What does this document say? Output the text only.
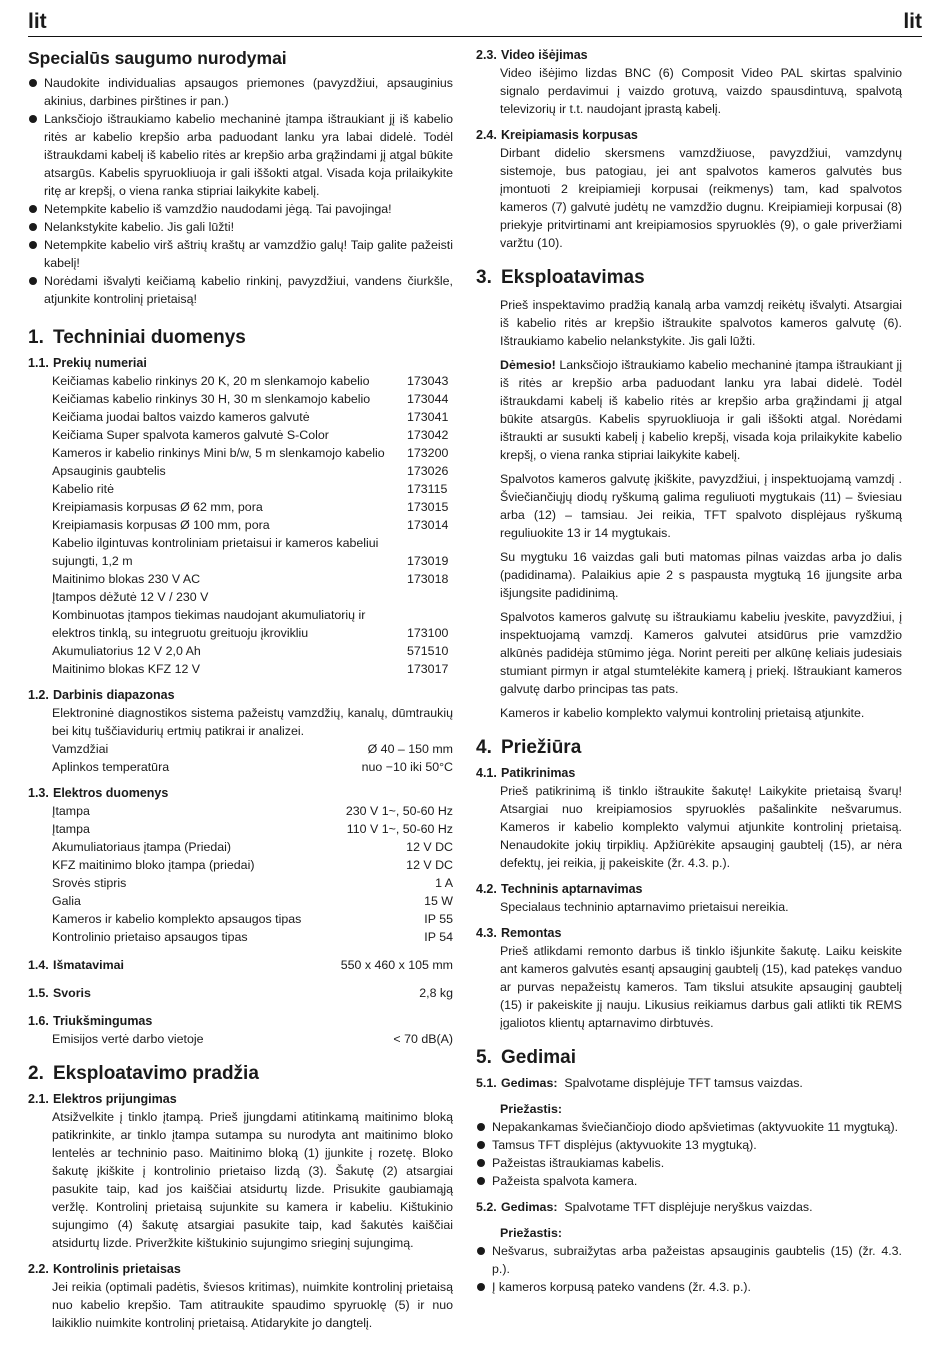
lit	lit
Specialūs saugumo nurodymai
Naudokite individualias apsaugos priemones (pavyzdžiui, apsauginius akinius, darbines pirštines ir pan.)
Lanksčiojo ištraukiamo kabelio mechaninė įtampa ištraukiant jį iš kabelio ritės ar kabelio krepšio arba paduodant lanku yra labai didelė. Todėl ištraukdami kabelį iš kabelio ritės ar krepšio arba grąžindami jį atgal būkite atsargūs. Kabelis spyruokliuoja ir gali iššokti atgal. Visada koja prilaikykite ritę ar krepšį, o viena ranka stipriai laikykite kabelį.
Netempkite kabelio iš vamzdžio naudodami jėgą. Tai pavojinga!
Nelankstykite kabelio. Jis gali lūžti!
Netempkite kabelio virš aštrių kraštų ar vamzdžio galų! Taip galite pažeisti kabelį!
Norėdami išvalyti keičiamą kabelio rinkinį, pavyzdžiui, vandens čiurkšle, atjunkite kontrolinį prietaisą!
1. Techniniai duomenys
1.1. Prekių numeriai
Keičiamas kabelio rinkinys 20 K, 20 m slenkamojo kabelio	173043
Keičiamas kabelio rinkinys 30 H, 30 m slenkamojo kabelio	173044
Keičiama juodai baltos vaizdo kameros galvutė	173041
Keičiama Super spalvota kameros galvutė S-Color	173042
Kameros ir kabelio rinkinys Mini b/w, 5 m slenkamojo kabelio	173200
Apsauginis gaubtelis	173026
Kabelio ritė	173115
Kreipiamasis korpusas Ø 62 mm, pora	173015
Kreipiamasis korpusas Ø 100 mm, pora	173014
Kabelio ilgintuvas kontroliniam prietaisui ir kameros kabeliui	
sujungti, 1,2 m	173019
Maitinimo blokas 230 V AC	173018
Įtampos dėžutė 12 V / 230 V	
Kombinuotas įtampos tiekimas naudojant akumuliatorių ir	
elektros tinklą, su integruotu greituoju įkrovikliu	173100
Akumuliatorius 12 V 2,0 Ah	571510
Maitinimo blokas KFZ 12 V	173017
1.2. Darbinis diapazonas

Elektroninė diagnostikos sistema pažeistų vamzdžių, kanalų, dūmtraukių bei kitų tuščiavidurių ertmių patikrai ir analizei.

Vamzdžiai	Ø 40 – 150 mm
Aplinkos temperatūra	nuo −10 iki 50°C
1.3. Elektros duomenys
Įtampa	230 V 1~, 50-60 Hz
Įtampa	110 V 1~, 50-60 Hz
Akumuliatoriaus įtampa (Priedai)	12 V DC
KFZ maitinimo bloko įtampa (priedai)	12 V DC
Srovės stipris	1 A
Galia	15 W
Kameros ir kabelio komplekto apsaugos tipas	IP 55
Kontrolinio prietaiso apsaugos tipas	IP 54
1.4. Išmatavimai	550 x 460 x 105 mm
1.5. Svoris	2,8 kg
1.6. Triukšmingumas
Emisijos vertė darbo vietoje	< 70 dB(A)
2. Eksploatavimo pradžia
2.1. Elektros prijungimas

Atsižvelkite į tinklo įtampą. Prieš įjungdami atitinkamą maitinimo bloką patikrinkite, ar tinklo įtampa sutampa su nurodyta ant maitinimo bloko lentelės ar techninio paso. Maitinimo bloką (1) įjunkite į rozetę. Bloko šakutę įkiškite į kontrolinio prietaiso lizdą (3). Šakutę (2) atsargiai pasukite taip, kad jos kaiščiai atsidurtų lizde. Prisukite gaubiamąją veržlę. Kontrolinį prietaisą sujunkite su kamera ir kabeliu. Kištukinio sujungimo (4) šakutę atsargiai pasukite taip, kad šakutės kaiščiai atsidurtų lizde. Priveržkite kištukinio sujungimo srieginį sujungimą.

2.2. Kontrolinis prietaisas

Jei reikia (optimali padėtis, šviesos kritimas), nuimkite kontrolinį prietaisą nuo kabelio krepšio. Tam atitraukite spaudimo spyruoklę (5) ir nuo laikiklio nuimkite kontrolinį prietaisą. Atidarykite jo dangtelį.

2.3. Video išėjimas

Video išėjimo lizdas BNC (6) Composit Video PAL skirtas spalvinio signalo perdavimui į vaizdo grotuvą, vaizdo spausdintuvą, spalvotą televizorių ir t.t. naudojant įprastą kabelį.

2.4. Kreipiamasis korpusas

Dirbant didelio skersmens vamzdžiuose, pavyzdžiui, vamzdynų sistemoje, bus patogiau, jei ant spalvotos kameros galvutės bus įmontuoti 2 kreipiamieji korpusai (reikmenys) tam, kad spalvotos kameros (7) galvutė judėtų ne vamzdžio dugnu. Kreipiamieji korpusai (8) priekyje pritvirtinami ant kreipiamosios spyruoklės (9), o gale priveržiami varžtu (10).

3. Eksploatavimas

Prieš inspektavimo pradžią kanalą arba vamzdį reikėtų išvalyti. Atsargiai iš kabelio ritės ar krepšio ištraukite spalvotos kameros galvutę (6). Ištraukiamo kabelio nelankstykite. Jis gali lūžti.

Dėmesio! Lanksčiojo ištraukiamo kabelio mechaninė įtampa ištraukiant jį iš ritės ar krepšio arba paduodant lanku yra labai didelė. Todėl ištraukdami kabelį iš kabelio ritės ar krepšio arba grąžindami jį atgal būkite atsargūs. Kabelis spyruokliuoja ir gali iššokti atgal. Norėdami ištraukti ar susukti kabelį į kabelio krepšį, visada koja prilaikykite kabelio krepšį, o viena ranka stipriai laikykite kabelį.

Spalvotos kameros galvutę įkiškite, pavyzdžiui, į inspektuojamą vamzdį . Šviečiančiųjų diodų ryškumą galima reguliuoti mygtukais (11) – šviesiau arba (12) – tamsiau. Jei reikia, TFT spalvoto displėjaus ryškumą reguliuokite 13 ir 14 mygtukais.

Su mygtuku 16 vaizdas gali buti matomas pilnas vaizdas arba jo dalis (padidinama). Palaikius apie 2 s paspausta mygtuką 16 įjungsite arba išjungsite padidinimą.

Spalvotos kameros galvutę su ištraukiamu kabeliu įveskite, pavyzdžiui, į inspektuojamą vamzdį. Kameros galvutei atsidūrus prie vamzdžio alkūnės padidėja stūmimo jėga. Norint pereiti per alkūnę keliais judesiais stumiant pirmyn ir atgal stumtelėkite kamerą į priekį. Ištraukiant kameros galvutę darbo principas tas pats.

Kameros ir kabelio komplekto valymui kontrolinį prietaisą atjunkite.

4. Priežiūra
4.1. Patikrinimas

Prieš patikrinimą iš tinklo ištraukite šakutę! Laikykite prietaisą švarų! Atsargiai nuo kreipiamosios spyruoklės pašalinkite nešvarumus. Kameros ir kabelio komplekto valymui atjunkite kontrolinį prietaisą. Nenaudokite jokių tirpiklių. Apžiūrėkite apsauginį gaubtelį (15), ar nėra defektų, jei reikia, jį pakeiskite (žr. 4.3. p.).

4.2. Techninis aptarnavimas

Specialaus techninio aptarnavimo prietaisui nereikia.

4.3. Remontas

Prieš atlikdami remonto darbus iš tinklo išjunkite šakutę. Laiku keiskite ant kameros galvutės esantį apsauginį gaubtelį (15), kad patekęs vanduo ar purvas nepažeistų kameros. Tam tikslui atsukite apsauginį gaubtelį (15) ir pakeiskite jį nauju. Likusius reikiamus darbus gali atlikti tik REMS įgaliotos klientų aptarnavimo dirbtuvės.

5. Gedimai

5.1. Gedimas: Spalvotame displėjuje TFT tamsus vaizdas.

Priežastis:

Nepakankamas šviečiančiojo diodo apšvietimas (aktyvuokite 11 mygtuką).
Tamsus TFT displėjus (aktyvuokite 13 mygtuką).
Pažeistas ištraukiamas kabelis.
Pažeista spalvota kamera.

5.2. Gedimas: Spalvotame TFT displėjuje neryškus vaizdas.

Priežastis:

Nešvarus, subraižytas arba pažeistas apsauginis gaubtelis (15) (žr. 4.3. p.).
Į kameros korpusą pateko vandens (žr. 4.3. p.).
